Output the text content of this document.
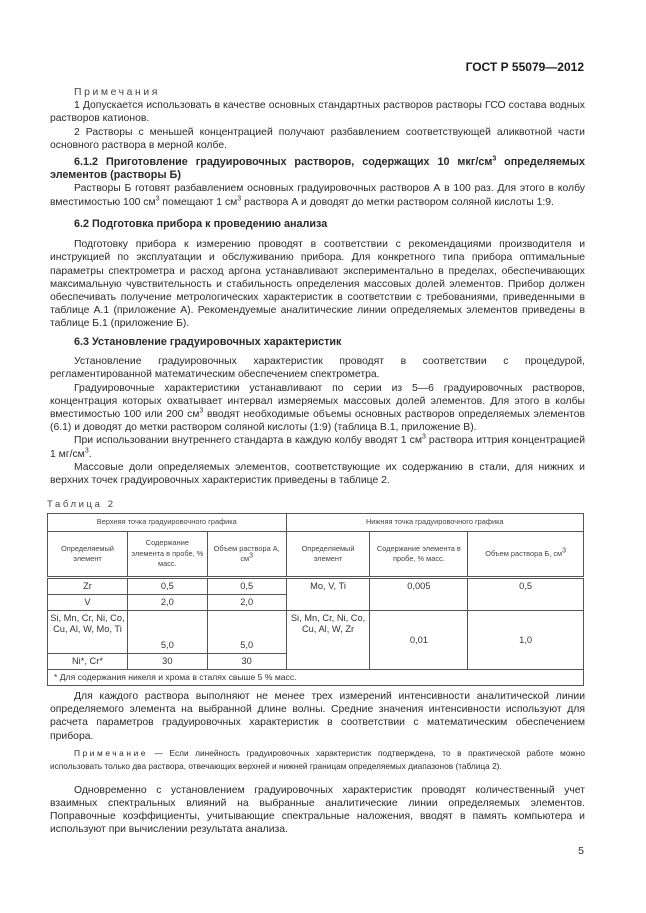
ГОСТ Р 55079—2012

Примечания

1 Допускается использовать в качестве основных стандартных растворов растворы ГСО состава водных растворов катионов.

2 Растворы с меньшей концентрацией получают разбавлением соответствующей аликвотной части основного раствора в мерной колбе.

6.1.2 Приготовление градуировочных растворов, содержащих 10 мкг/$см^3$ определяемых элементов (растворы Б)

Растворы Б готовят разбавлением основных градуировочных растворов А в 100 раз. Для этого в колбу вместимостью 100 $см^3$ помещают 1 $см^3$ раствора А и доводят до метки раствором соляной кислоты 1:9.

6.2 Подготовка прибора к проведению анализа

Подготовку прибора к измерению проводят в соответствии с рекомендациями производителя и инструкцией по эксплуатации и обслуживанию прибора. Для конкретного типа прибора оптимальные параметры спектрометра и расход аргона устанавливают экспериментально в пределах, обеспечивающих максимальную чувствительность и стабильность определения массовых долей элементов. Прибор должен обеспечивать получение метрологических характеристик в соответствии с требованиями, приведенными в таблице А.1 (приложение А). Рекомендуемые аналитические линии определяемых элементов приведены в таблице Б.1 (приложение Б).

6.3 Установление градуировочных характеристик

Установление градуировочных характеристик проводят в соответствии с процедурой, регламентированной математическим обеспечением спектрометра.

Градуировочные характеристики устанавливают по серии из 5—6 градуировочных растворов, концентрация которых охватывает интервал измеряемых массовых долей элементов. Для этого в колбы вместимостью 100 или 200 $см^3$ вводят необходимые объемы основных растворов определяемых элементов (6.1) и доводят до метки раствором соляной кислоты (1:9) (таблица В.1, приложение В).

При использовании внутреннего стандарта в каждую колбу вводят 1 $см^3$ раствора иттрия концентрацией 1 $мг/см^3$.

Массовые доли определяемых элементов, соответствующие их содержанию в стали, для нижних и верхних точек градуировочных характеристик приведены в таблице 2.

Таблица 2
Верхняя точка градуировочного графика			Нижняя точка градуировочного графика		
Определяемый элемент	Содержание элемента в пробе, % масс.	Объем раствора А, $см^3$	Определяемый элемент	Содержание элемента в пробе, % масс.	Объем раствора Б, $см^3$
Zr	0,5	0,5	Mo, V, Ti	0,005	0,5
V	2,0	2,0			
Si, Mn, Cr, Ni, Co, Cu, Al, W, Mo, Ti	5,0	5,0	Si, Mn, Cr, Ni, Co, Cu, Al, W, Zr	0,01	1,0
Ni*, Cr*	30	30			
* Для содержания никеля и хрома в сталях свыше 5 % масс.					

Для каждого раствора выполняют не менее трех измерений интенсивности аналитической линии определяемого элемента на выбранной длине волны. Средние значения интенсивности используют для расчета параметров градуировочных характеристик в соответствии с математическим обеспечением прибора.

Примечание — Если линейность градуировочных характеристик подтверждена, то в практической работе можно использовать только два раствора, отвечающих верхней и нижней границам определяемых диапазонов (таблица 2).

Одновременно с установлением градуировочных характеристик проводят количественный учет взаимных спектральных влияний на выбранные аналитические линии определяемых элементов. Поправочные коэффициенты, учитывающие спектральные наложения, вводят в память компьютера и используют при вычислении результата анализа.

5
